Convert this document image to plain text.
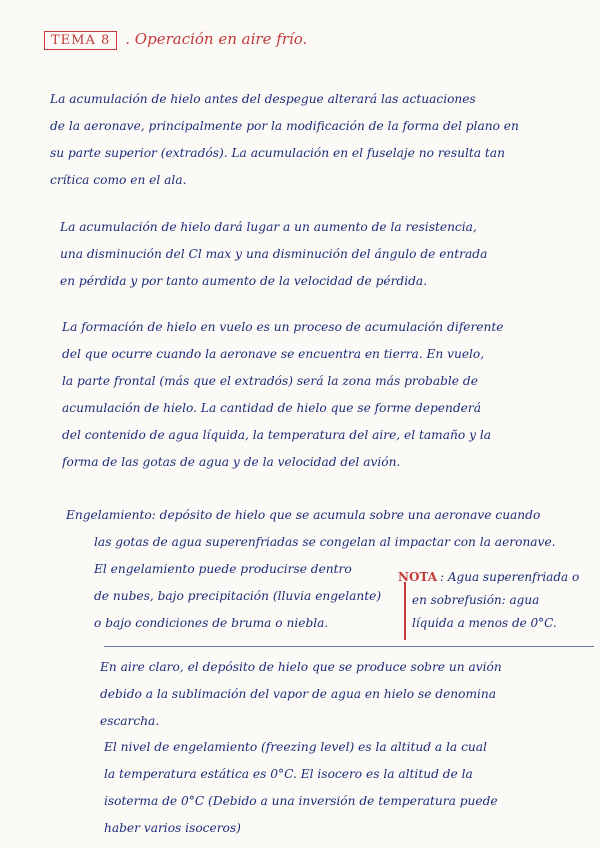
TEMA 8 . Operación en aire frío.
La acumulación de hielo antes del despegue alterará las actuaciones
de la aeronave, principalmente por la modificación de la forma del plano en
su parte superior (extradós). La acumulación en el fuselaje no resulta tan
crítica como en el ala.
La acumulación de hielo dará lugar a un aumento de la resistencia,
una disminución del Cl max y una disminución del ángulo de entrada
en pérdida y por tanto aumento de la velocidad de pérdida.
La formación de hielo en vuelo es un proceso de acumulación diferente
del que ocurre cuando la aeronave se encuentra en tierra. En vuelo,
la parte frontal (más que el extradós) será la zona más probable de
acumulación de hielo. La cantidad de hielo que se forme dependerá
del contenido de agua líquida, la temperatura del aire, el tamaño y la
forma de las gotas de agua y de la velocidad del avión.
Engelamiento: depósito de hielo que se acumula sobre una aeronave cuando
las gotas de agua superenfriadas se congelan al impactar con la aeronave.
El engelamiento puede producirse dentro
de nubes, bajo precipitación (lluvia engelante)
o bajo condiciones de bruma o niebla.
NOTA : Agua superenfriada o
en sobrefusión: agua
líquida a menos de 0°C.
En aire claro, el depósito de hielo que se produce sobre un avión
debido a la sublimación del vapor de agua en hielo se denomina
escarcha.
El nivel de engelamiento (freezing level) es la altitud a la cual
la temperatura estática es 0°C. El isocero es la altitud de la
isoterma de 0°C (Debido a una inversión de temperatura puede
haber varios isoceros)
